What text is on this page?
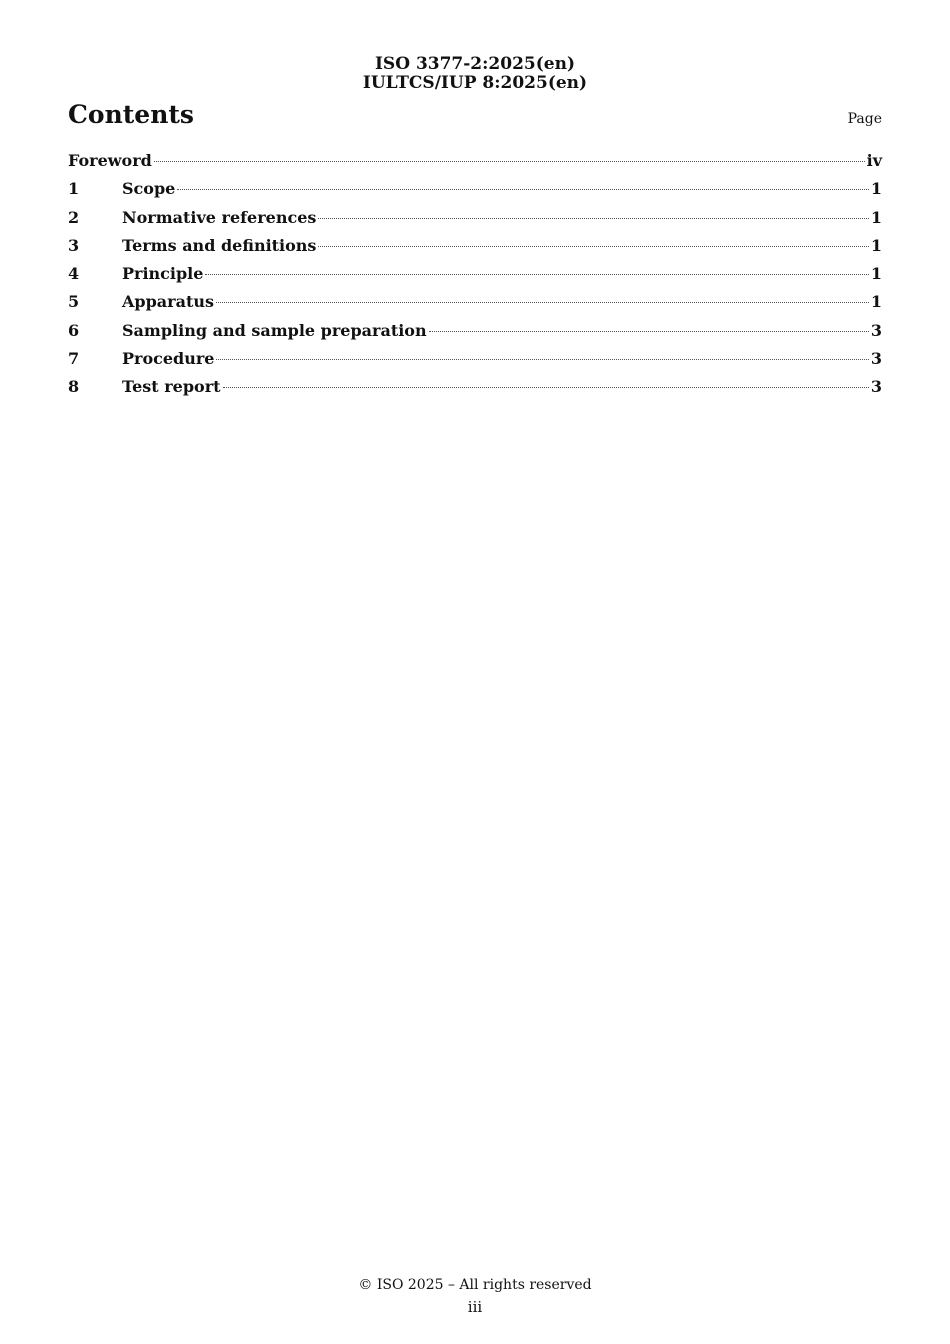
ISO 3377-2:2025(en)
IULTCS/IUP 8:2025(en)
Contents	Page
Foreword	iv
1	Scope	1
2	Normative references	1
3	Terms and definitions	1
4	Principle	1
5	Apparatus	1
6	Sampling and sample preparation	3
7	Procedure	3
8	Test report	3
© ISO 2025 – All rights reserved
iii
